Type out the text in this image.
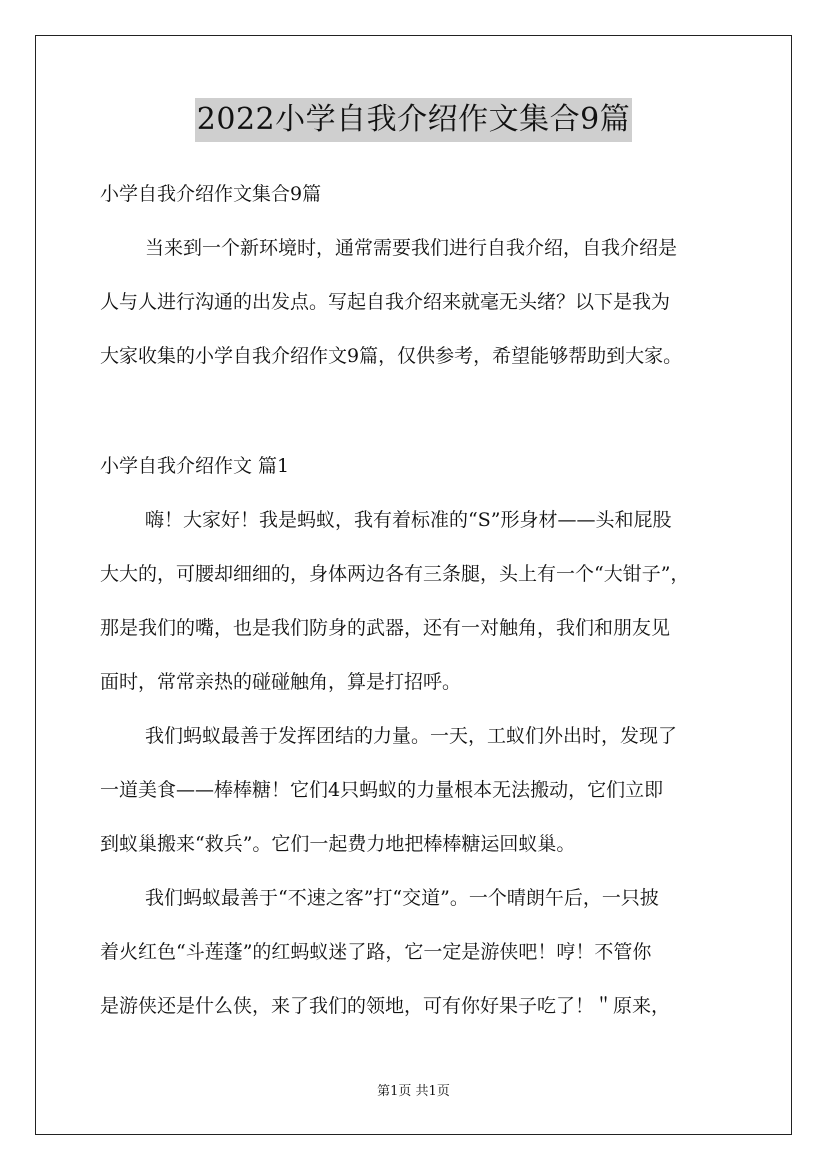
2022小学自我介绍作文集合9篇
小学自我介绍作文集合9篇
当来到一个新环境时，通常需要我们进行自我介绍，自我介绍是
人与人进行沟通的出发点。写起自我介绍来就毫无头绪？以下是我为
大家收集的小学自我介绍作文9篇，仅供参考，希望能够帮助到大家。
小学自我介绍作文 篇1
嗨！大家好！我是蚂蚁，我有着标准的“S”形身材——头和屁股
大大的，可腰却细细的，身体两边各有三条腿，头上有一个“大钳子”，
那是我们的嘴，也是我们防身的武器，还有一对触角，我们和朋友见
面时，常常亲热的碰碰触角，算是打招呼。
我们蚂蚁最善于发挥团结的力量。一天，工蚁们外出时，发现了
一道美食——棒棒糖！它们4只蚂蚁的力量根本无法搬动，它们立即
到蚁巢搬来“救兵”。它们一起费力地把棒棒糖运回蚁巢。
我们蚂蚁最善于“不速之客”打“交道”。一个晴朗午后，一只披
着火红色“斗莲蓬”的红蚂蚁迷了路，它一定是游侠吧！哼！不管你
是游侠还是什么侠，来了我们的领地，可有你好果子吃了！＂原来，
第1页 共1页
